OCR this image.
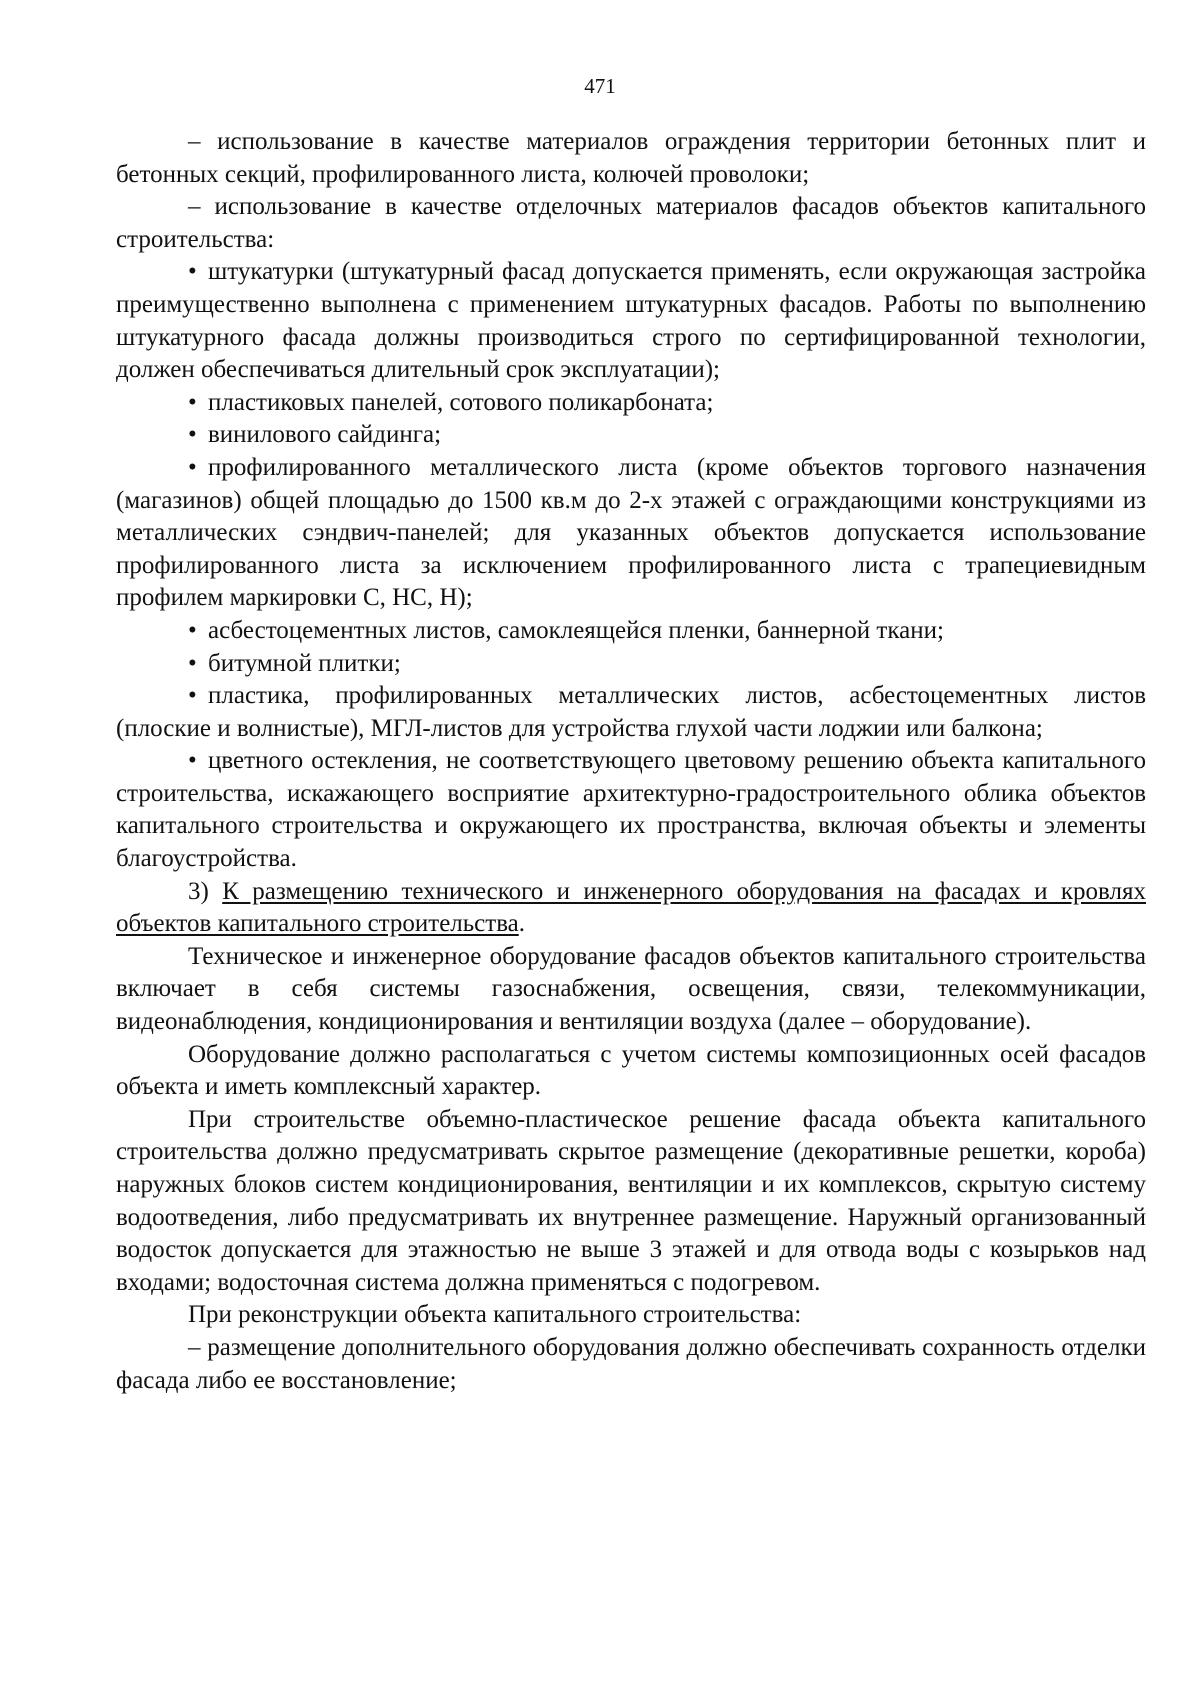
471

– использование в качестве материалов ограждения территории бетонных плит и бетонных секций, профилированного листа, колючей проволоки;

– использование в качестве отделочных материалов фасадов объектов капитального строительства:

• штукатурки (штукатурный фасад допускается применять, если окружающая застройка преимущественно выполнена с применением штукатурных фасадов. Работы по выполнению штукатурного фасада должны производиться строго по сертифицированной технологии, должен обеспечиваться длительный срок эксплуатации);

• пластиковых панелей, сотового поликарбоната;

• винилового сайдинга;

• профилированного металлического листа (кроме объектов торгового назначения (магазинов) общей площадью до 1500 кв.м до 2-х этажей с ограждающими конструкциями из металлических сэндвич-панелей; для указанных объектов допускается использование профилированного листа за исключением профилированного листа с трапециевидным профилем маркировки С, НС, Н);

• асбестоцементных листов, самоклеящейся пленки, баннерной ткани;

• битумной плитки;

• пластика, профилированных металлических листов, асбестоцементных листов (плоские и волнистые), МГЛ-листов для устройства глухой части лоджии или балкона;

• цветного остекления, не соответствующего цветовому решению объекта капитального строительства, искажающего восприятие архитектурно-градостроительного облика объектов капитального строительства и окружающего их пространства, включая объекты и элементы благоустройства.

3) К размещению технического и инженерного оборудования на фасадах и кровлях объектов капитального строительства.

Техническое и инженерное оборудование фасадов объектов капитального строительства включает в себя системы газоснабжения, освещения, связи, телекоммуникации, видеонаблюдения, кондиционирования и вентиляции воздуха (далее – оборудование).

Оборудование должно располагаться с учетом системы композиционных осей фасадов объекта и иметь комплексный характер.

При строительстве объемно-пластическое решение фасада объекта капитального строительства должно предусматривать скрытое размещение (декоративные решетки, короба) наружных блоков систем кондиционирования, вентиляции и их комплексов, скрытую систему водоотведения, либо предусматривать их внутреннее размещение. Наружный организованный водосток допускается для этажностью не выше 3 этажей и для отвода воды с козырьков над входами; водосточная система должна применяться с подогревом.

При реконструкции объекта капитального строительства:

– размещение дополнительного оборудования должно обеспечивать сохранность отделки фасада либо ее восстановление;
